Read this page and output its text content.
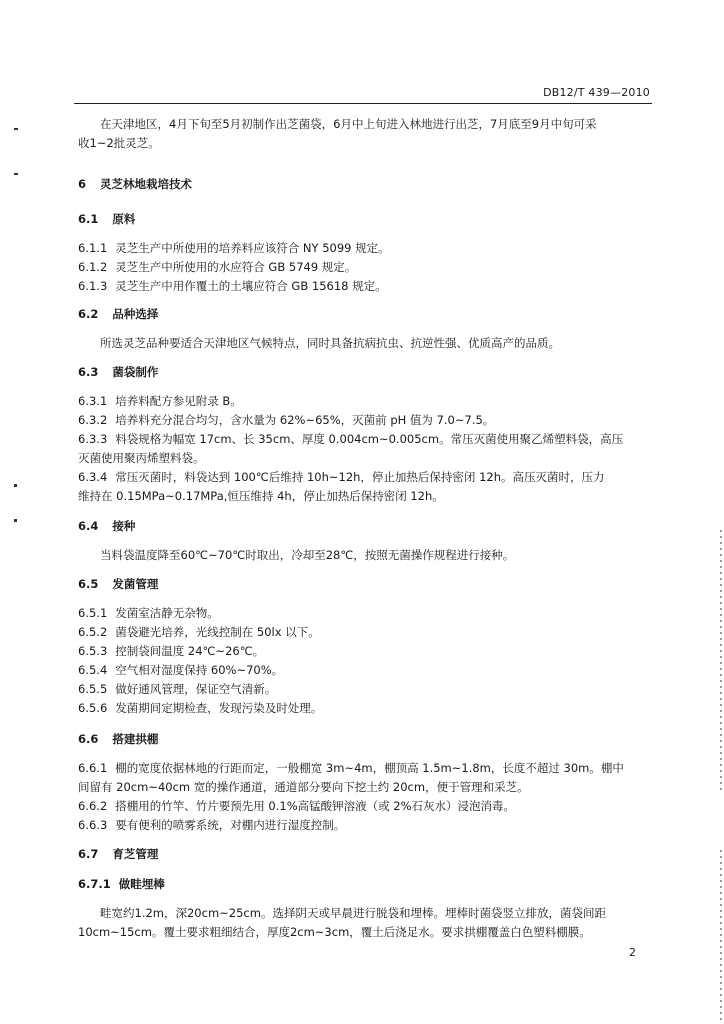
DB12/T 439—2010
在天津地区，4月下旬至5月初制作出芝菌袋，6月中上旬进入林地进行出芝，7月底至9月中旬可采
收1~2批灵芝。
6 灵芝林地栽培技术
6.1 原料
6.1.1 灵芝生产中所使用的培养料应该符合 NY 5099 规定。
6.1.2 灵芝生产中所使用的水应符合 GB 5749 规定。
6.1.3 灵芝生产中用作覆土的土壤应符合 GB 15618 规定。
6.2 品种选择
所选灵芝品种要适合天津地区气候特点，同时具备抗病抗虫、抗逆性强、优质高产的品质。
6.3 菌袋制作
6.3.1 培养料配方参见附录 B。
6.3.2 培养料充分混合均匀，含水量为 62%~65%，灭菌前 pH 值为 7.0~7.5。
6.3.3 料袋规格为幅宽 17cm、长 35cm、厚度 0.004cm~0.005cm。常压灭菌使用聚乙烯塑料袋，高压
灭菌使用聚丙烯塑料袋。
6.3.4 常压灭菌时，料袋达到 100℃后维持 10h~12h，停止加热后保持密闭 12h。高压灭菌时，压力
维持在 0.15MPa~0.17MPa,恒压维持 4h，停止加热后保持密闭 12h。
6.4 接种
当料袋温度降至60℃~70℃时取出，冷却至28℃，按照无菌操作规程进行接种。
6.5 发菌管理
6.5.1 发菌室洁静无杂物。
6.5.2 菌袋避光培养，光线控制在 50lx 以下。
6.5.3 控制袋间温度 24℃~26℃。
6.5.4 空气相对湿度保持 60%~70%。
6.5.5 做好通风管理，保证空气清新。
6.5.6 发菌期间定期检查，发现污染及时处理。
6.6 搭建拱棚
6.6.1 棚的宽度依据林地的行距而定，一般棚宽 3m~4m，棚顶高 1.5m~1.8m，长度不超过 30m。棚中
间留有 20cm~40cm 宽的操作通道，通道部分要向下挖土约 20cm，便于管理和采芝。
6.6.2 搭棚用的竹竿、竹片要预先用 0.1%高锰酸钾溶液（或 2%石灰水）浸泡消毒。
6.6.3 要有便利的喷雾系统，对棚内进行湿度控制。
6.7 育芝管理
6.7.1 做畦埋棒
畦宽约1.2m，深20cm~25cm。选择阴天或早晨进行脱袋和埋棒。埋棒时菌袋竖立排放，菌袋间距
10cm~15cm。覆土要求粗细结合，厚度2cm~3cm，覆土后浇足水。要求拱棚覆盖白色塑料棚膜。
2
